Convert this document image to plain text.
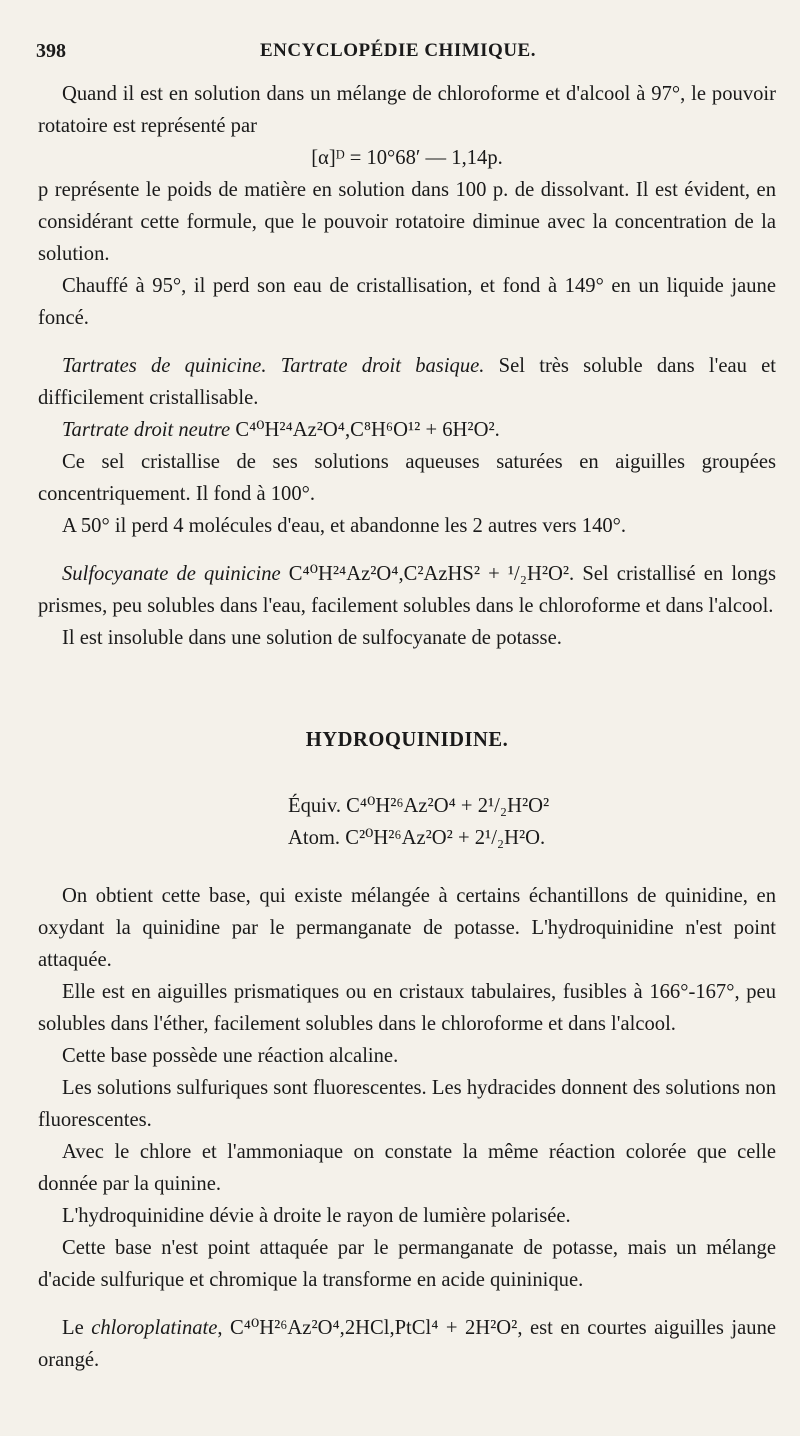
398	ENCYCLOPÉDIE CHIMIQUE.

Quand il est en solution dans un mélange de chloroforme et d'alcool à 97°, le pouvoir rotatoire est représenté par

[α]ᴰ = 10°68′ — 1,14p.

p représente le poids de matière en solution dans 100 p. de dissolvant. Il est évident, en considérant cette formule, que le pouvoir rotatoire diminue avec la concentration de la solution.

Chauffé à 95°, il perd son eau de cristallisation, et fond à 149° en un liquide jaune foncé.

Tartrates de quinicine. Tartrate droit basique. Sel très soluble dans l'eau et difficilement cristallisable.

Tartrate droit neutre C⁴⁰H²⁴Az²O⁴,C⁸H⁶O¹² + 6H²O².

Ce sel cristallise de ses solutions aqueuses saturées en aiguilles groupées concentriquement. Il fond à 100°.

A 50° il perd 4 molécules d'eau, et abandonne les 2 autres vers 140°.

Sulfocyanate de quinicine C⁴⁰H²⁴Az²O⁴,C²AzHS² + ¹/₂H²O². Sel cristallisé en longs prismes, peu solubles dans l'eau, facilement solubles dans le chloroforme et dans l'alcool.

Il est insoluble dans une solution de sulfocyanate de potasse.

HYDROQUINIDINE.

Équiv. C⁴⁰H²⁶Az²O⁴ + 2¹/₂H²O²

Atom. C²⁰H²⁶Az²O² + 2¹/₂H²O.

On obtient cette base, qui existe mélangée à certains échantillons de quinidine, en oxydant la quinidine par le permanganate de potasse. L'hydroquinidine n'est point attaquée.

Elle est en aiguilles prismatiques ou en cristaux tabulaires, fusibles à 166°-167°, peu solubles dans l'éther, facilement solubles dans le chloroforme et dans l'alcool.

Cette base possède une réaction alcaline.

Les solutions sulfuriques sont fluorescentes. Les hydracides donnent des solutions non fluorescentes.

Avec le chlore et l'ammoniaque on constate la même réaction colorée que celle donnée par la quinine.

L'hydroquinidine dévie à droite le rayon de lumière polarisée.

Cette base n'est point attaquée par le permanganate de potasse, mais un mélange d'acide sulfurique et chromique la transforme en acide quininique.

Le chloroplatinate, C⁴⁰H²⁶Az²O⁴,2HCl,PtCl⁴ + 2H²O², est en courtes aiguilles jaune orangé.
